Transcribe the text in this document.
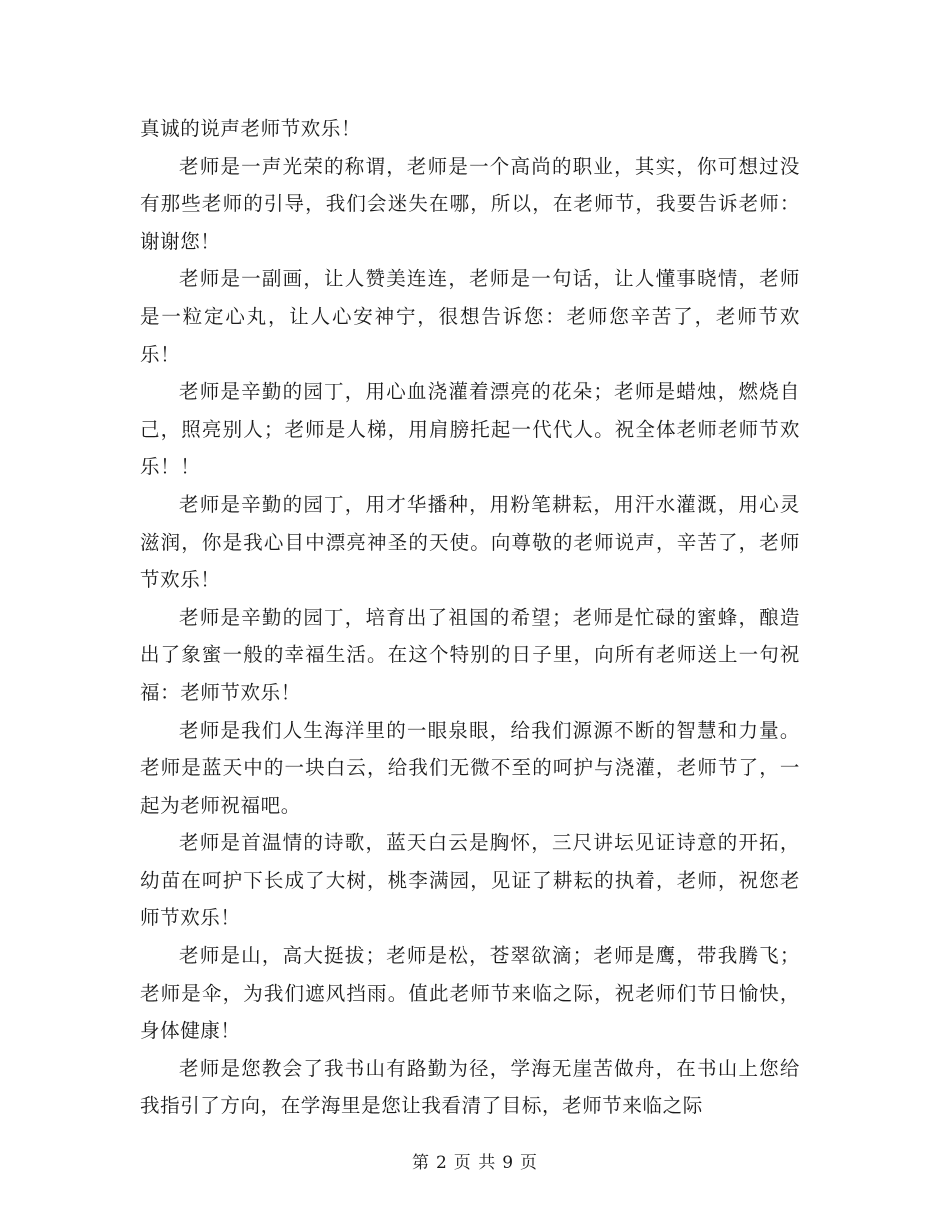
真诚的说声老师节欢乐！

老师是一声光荣的称谓，老师是一个高尚的职业，其实，你可想过没有那些老师的引导，我们会迷失在哪，所以，在老师节，我要告诉老师：谢谢您！

老师是一副画，让人赞美连连，老师是一句话，让人懂事晓情，老师是一粒定心丸，让人心安神宁，很想告诉您：老师您辛苦了，老师节欢乐！

老师是辛勤的园丁，用心血浇灌着漂亮的花朵；老师是蜡烛，燃烧自己，照亮别人；老师是人梯，用肩膀托起一代代人。祝全体老师老师节欢乐！！

老师是辛勤的园丁，用才华播种，用粉笔耕耘，用汗水灌溉，用心灵滋润，你是我心目中漂亮神圣的天使。向尊敬的老师说声，辛苦了，老师节欢乐！

老师是辛勤的园丁，培育出了祖国的希望；老师是忙碌的蜜蜂，酿造出了象蜜一般的幸福生活。在这个特别的日子里，向所有老师送上一句祝福：老师节欢乐！

老师是我们人生海洋里的一眼泉眼，给我们源源不断的智慧和力量。老师是蓝天中的一块白云，给我们无微不至的呵护与浇灌，老师节了，一起为老师祝福吧。

老师是首温情的诗歌，蓝天白云是胸怀，三尺讲坛见证诗意的开拓，幼苗在呵护下长成了大树，桃李满园，见证了耕耘的执着，老师，祝您老师节欢乐！

老师是山，高大挺拔；老师是松，苍翠欲滴；老师是鹰，带我腾飞；老师是伞，为我们遮风挡雨。值此老师节来临之际，祝老师们节日愉快，身体健康！

老师是您教会了我书山有路勤为径，学海无崖苦做舟，在书山上您给我指引了方向，在学海里是您让我看清了目标，老师节来临之际

第 2 页 共 9 页
